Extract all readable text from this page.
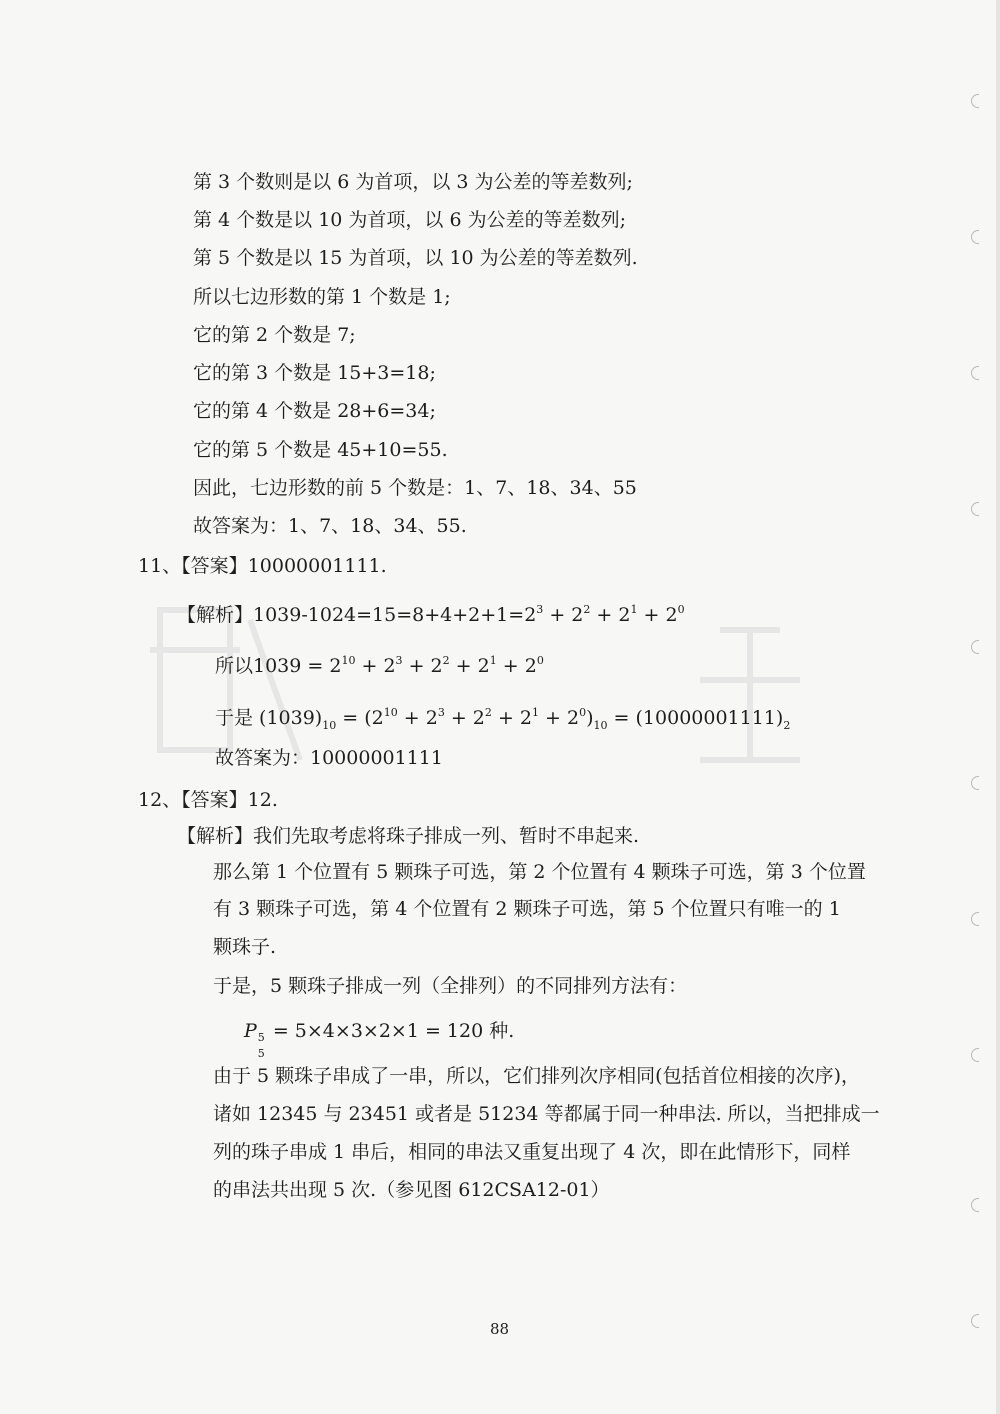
第 3 个数则是以 6 为首项，以 3 为公差的等差数列;
第 4 个数是以 10 为首项，以 6 为公差的等差数列;
第 5 个数是以 15 为首项，以 10 为公差的等差数列.
所以七边形数的第 1 个数是 1;
它的第 2 个数是 7;
它的第 3 个数是 15+3=18;
它的第 4 个数是 28+6=34;
它的第 5 个数是 45+10=55.
因此，七边形数的前 5 个数是：1、7、18、34、55
故答案为：1、7、18、34、55.
11、【答案】10000001111.
【解析】$1039-1024=15=8+4+2+1=2^3 + 2^2 + 2^1 + 2^0$
所以$1039 = 2^{10} + 2^3 + 2^2 + 2^1 + 2^0$
于是 $(1039)_{10} = (2^{10} + 2^3 + 2^2 + 2^1 + 2^0)_{10} = (10000001111)_2$
故答案为：10000001111
12、【答案】12.
【解析】我们先取考虑将珠子排成一列、暂时不串起来.
那么第 1 个位置有 5 颗珠子可选，第 2 个位置有 4 颗珠子可选，第 3 个位置
有 3 颗珠子可选，第 4 个位置有 2 颗珠子可选，第 5 个位置只有唯一的 1
颗珠子.
于是，5 颗珠子排成一列（全排列）的不同排列方法有：
P 5
5
= 5×4×3×2×1 = 120 种.
由于 5 颗珠子串成了一串，所以，它们排列次序相同(包括首位相接的次序)，
诸如 12345 与 23451 或者是 51234 等都属于同一种串法. 所以，当把排成一
列的珠子串成 1 串后，相同的串法又重复出现了 4 次，即在此情形下，同样
的串法共出现 5 次.（参见图 612CSA12-01）
88
